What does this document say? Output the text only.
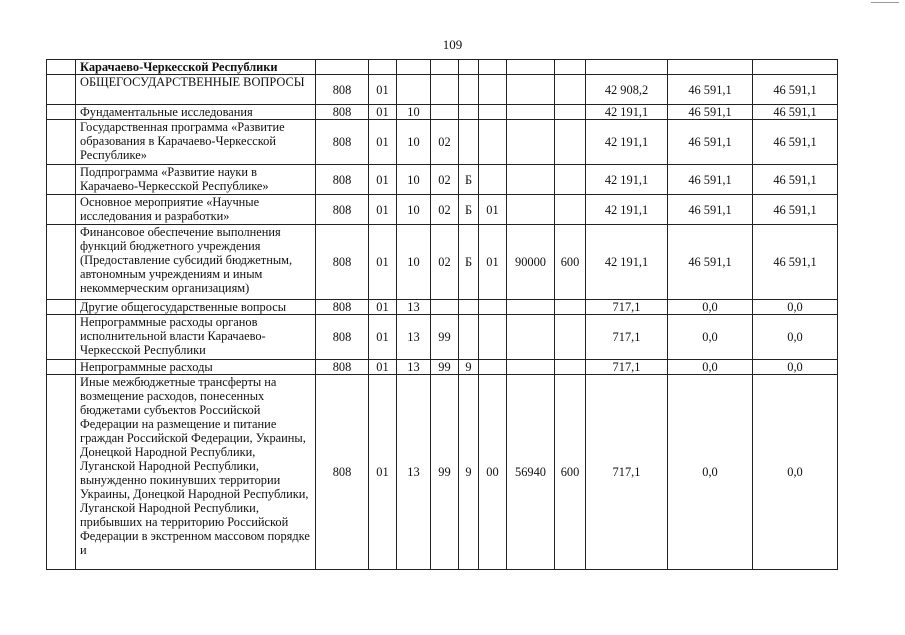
109
	Карачаево-Черкесской Республики											
	ОБЩЕГОСУДАРСТВЕННЫЕ ВОПРОСЫ	808	01							42 908,2	46 591,1	46 591,1
	Фундаментальные исследования	808	01	10						42 191,1	46 591,1	46 591,1
	Государственная программа «Развитие образования в Карачаево-Черкесской Республике»	808	01	10	02					42 191,1	46 591,1	46 591,1
	Подпрограмма «Развитие науки в Карачаево-Черкесской Республике»	808	01	10	02	Б				42 191,1	46 591,1	46 591,1
	Основное мероприятие «Научные исследования и разработки»	808	01	10	02	Б	01			42 191,1	46 591,1	46 591,1
	Финансовое обеспечение выполнения функций бюджетного учреждения (Предоставление субсидий бюджетным, автономным учреждениям и иным некоммерческим организациям)	808	01	10	02	Б	01	90000	600	42 191,1	46 591,1	46 591,1
	Другие общегосударственные вопросы	808	01	13						717,1	0,0	0,0
	Непрограммные расходы органов исполнительной власти Карачаево-Черкесской Республики	808	01	13	99					717,1	0,0	0,0
	Непрограммные расходы	808	01	13	99	9				717,1	0,0	0,0
	Иные межбюджетные трансферты на возмещение расходов, понесенных бюджетами субъектов Российской Федерации на размещение и питание граждан Российской Федерации, Украины, Донецкой Народной Республики, Луганской Народной Республики, вынужденно покинувших территории Украины, Донецкой Народной Республики, Луганской Народной Республики, прибывших на территорию Российской Федерации в экстренном массовом порядке и	808	01	13	99	9	00	56940	600	717,1	0,0	0,0
